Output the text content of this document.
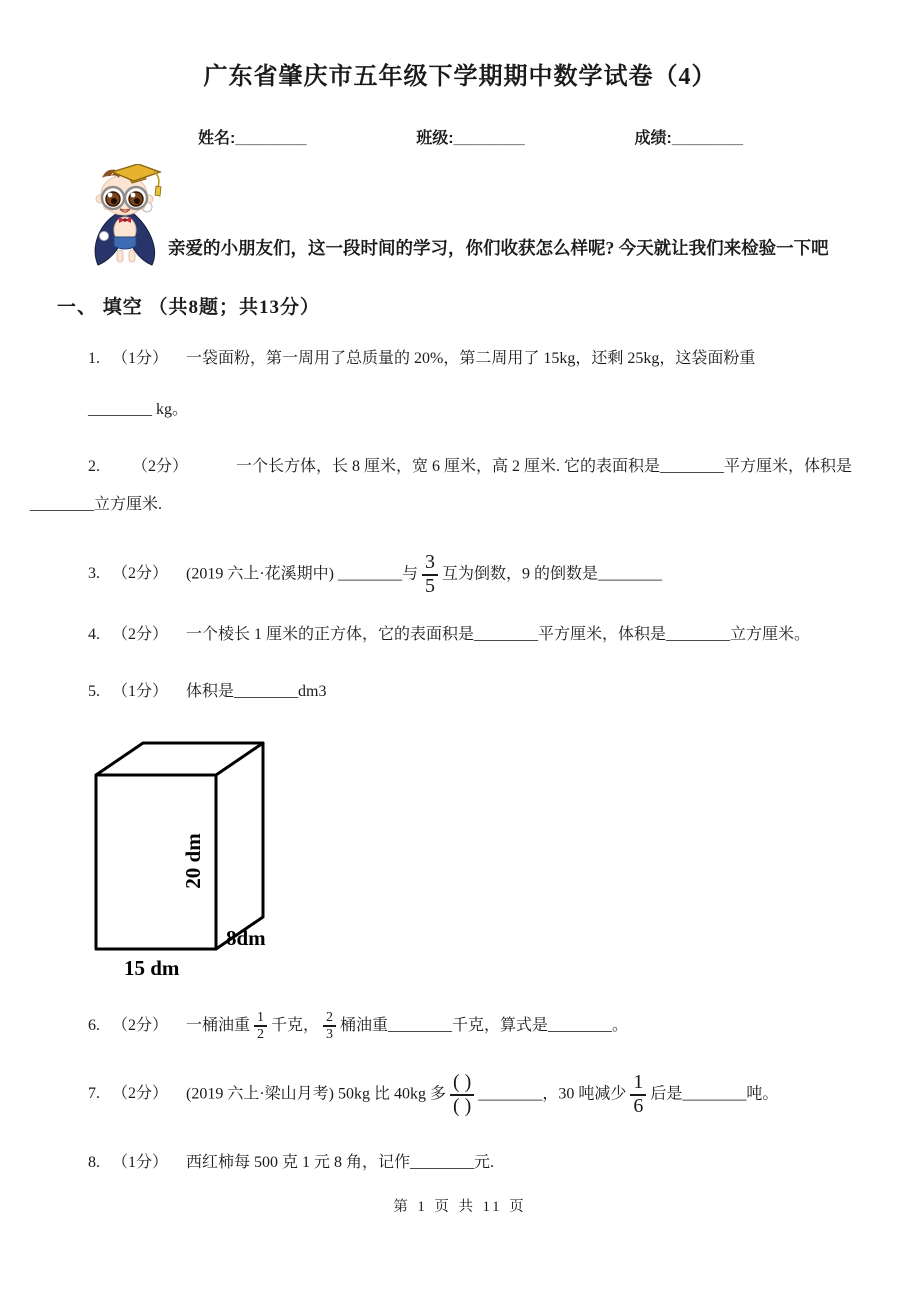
广东省肇庆市五年级下学期期中数学试卷（4）
姓名:________	班级:________	成绩:________
亲爱的小朋友们，这一段时间的学习，你们收获怎么样呢? 今天就让我们来检验一下吧
一、 填空 （共8题；共13分）
1. （1分） 一袋面粉，第一周用了总质量的 20%，第二周用了 15kg，还剩 25kg，这袋面粉重
________ kg。
2. （2分）	一个长方体，长 8 厘米，宽 6 厘米，高 2 厘米. 它的表面积是________平方厘米，体积是
________立方厘米.
3. （2分） (2019 六上·花溪期中) ________与 $\frac{3}{5}$ 互为倒数，9 的倒数是________
4. （2分） 一个棱长 1 厘米的正方体，它的表面积是________平方厘米，体积是________立方厘米。
5. （1分） 体积是________dm3
20 dm
8dm
15 dm
6. （2分） 一桶油重 $\frac{1}{2}$ 千克， $\frac{2}{3}$ 桶油重________千克，算式是________。
7. （2分） (2019 六上·梁山月考) 50kg 比 40kg 多 $\frac{( )}{( )}$ ________，30 吨减少 $\frac{1}{6}$ 后是________吨。
8. （1分） 西红柿每 500 克 1 元 8 角，记作________元.
第 1 页 共 11 页
